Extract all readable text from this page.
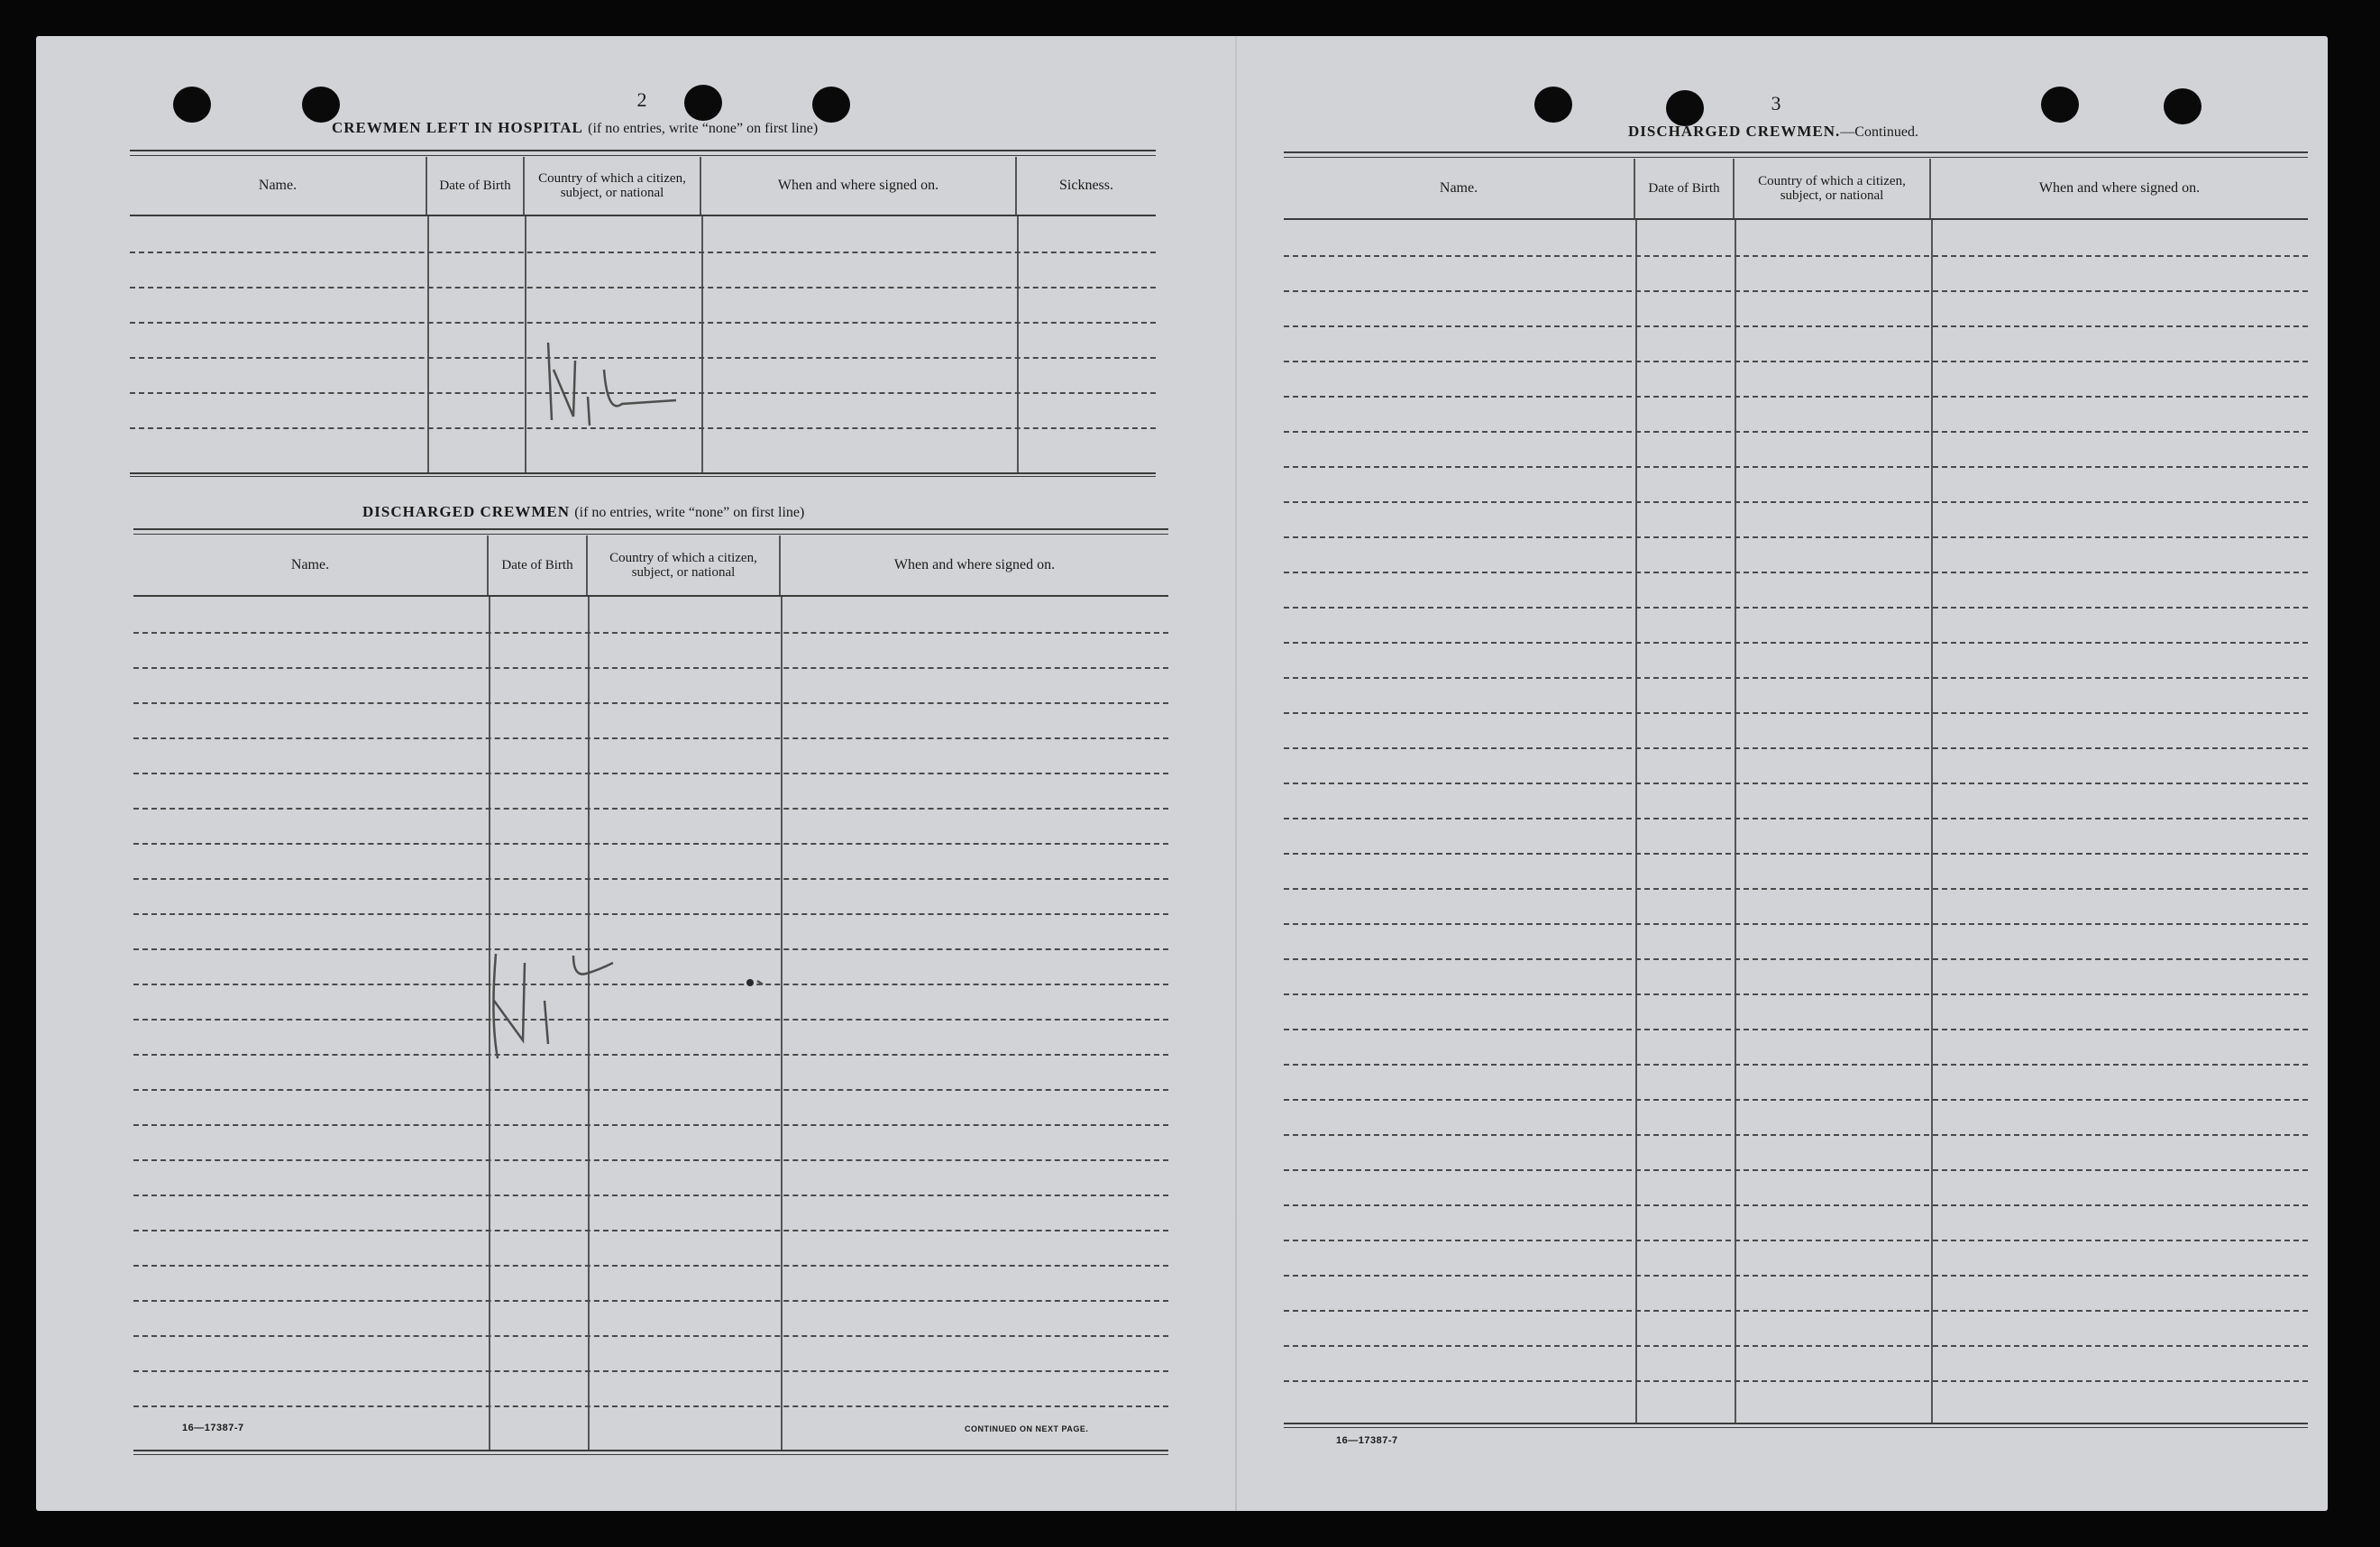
2
CREWMEN LEFT IN HOSPITAL (if no entries, write “none” on first line)
Name.	Date of Birth	Country of which a citizen, subject, or national	When and where signed on.	Sickness.
DISCHARGED CREWMEN (if no entries, write “none” on first line)
Name.	Date of Birth	Country of which a citizen, subject, or national	When and where signed on.
16—17387-7	CONTINUED ON NEXT PAGE.
3
DISCHARGED CREWMEN.—Continued.
Name.	Date of Birth	Country of which a citizen, subject, or national	When and where signed on.
16—17387-7
